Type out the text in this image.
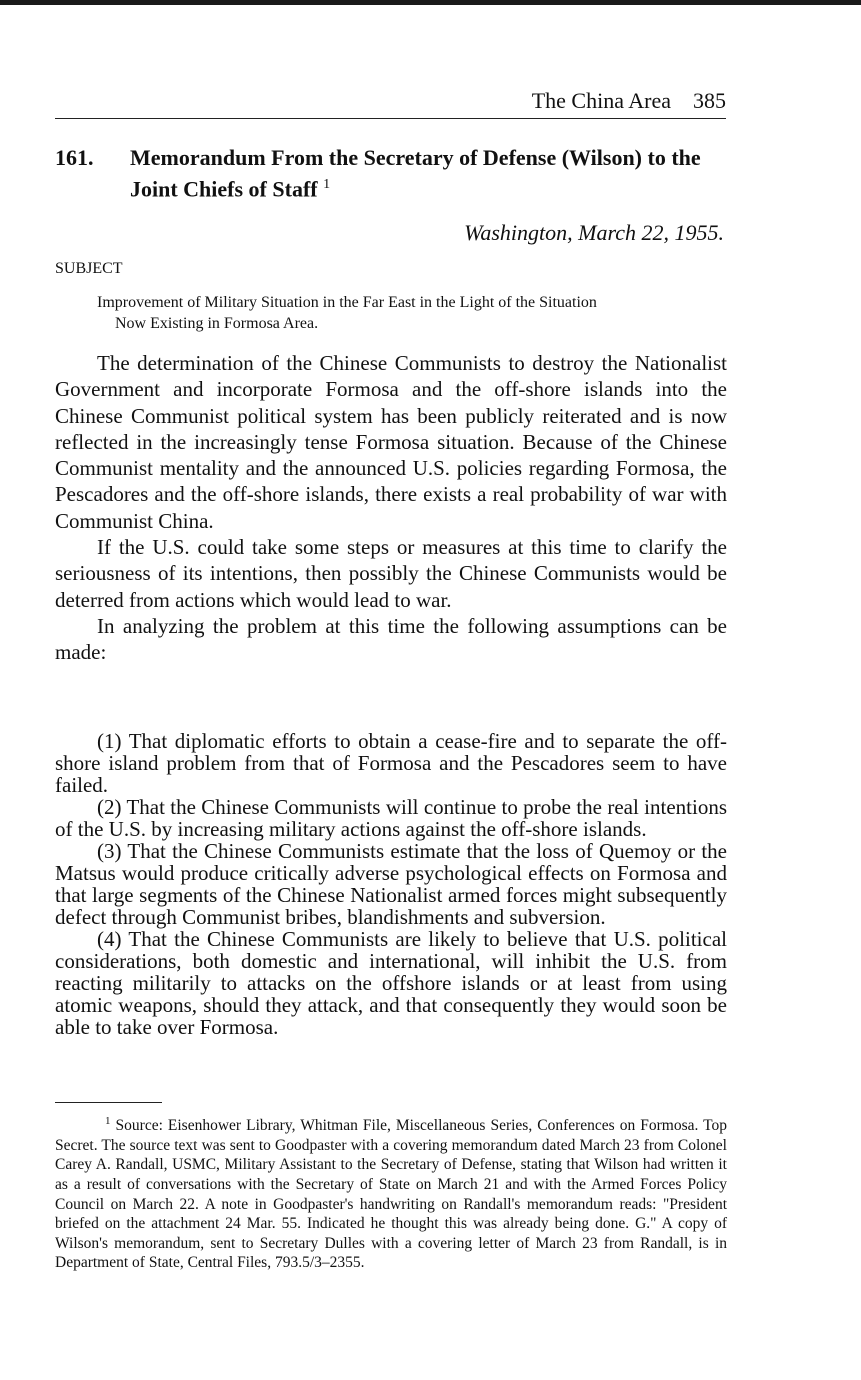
The China Area 385
161. Memorandum From the Secretary of Defense (Wilson) to the Joint Chiefs of Staff $^1$
Washington, March 22, 1955.
SUBJECT
Improvement of Military Situation in the Far East in the Light of the Situation
Now Existing in Formosa Area.

The determination of the Chinese Communists to destroy the Nationalist Government and incorporate Formosa and the off-shore islands into the Chinese Communist political system has been publicly reiterated and is now reflected in the increasingly tense Formosa situation. Because of the Chinese Communist mentality and the announced U.S. policies regarding Formosa, the Pescadores and the off-shore islands, there exists a real probability of war with Communist China.

If the U.S. could take some steps or measures at this time to clarify the seriousness of its intentions, then possibly the Chinese Communists would be deterred from actions which would lead to war.

In analyzing the problem at this time the following assumptions can be made:

(1) That diplomatic efforts to obtain a cease-fire and to separate the off-shore island problem from that of Formosa and the Pescadores seem to have failed.

(2) That the Chinese Communists will continue to probe the real intentions of the U.S. by increasing military actions against the off-shore islands.

(3) That the Chinese Communists estimate that the loss of Quemoy or the Matsus would produce critically adverse psychological effects on Formosa and that large segments of the Chinese Nationalist armed forces might subsequently defect through Communist bribes, blandishments and subversion.

(4) That the Chinese Communists are likely to believe that U.S. political considerations, both domestic and international, will inhibit the U.S. from reacting militarily to attacks on the offshore islands or at least from using atomic weapons, should they attack, and that consequently they would soon be able to take over Formosa.

$^1$ Source: Eisenhower Library, Whitman File, Miscellaneous Series, Conferences on Formosa. Top Secret. The source text was sent to Goodpaster with a covering memorandum dated March 23 from Colonel Carey A. Randall, USMC, Military Assistant to the Secretary of Defense, stating that Wilson had written it as a result of conversations with the Secretary of State on March 21 and with the Armed Forces Policy Council on March 22. A note in Goodpaster's handwriting on Randall's memorandum reads: "President briefed on the attachment 24 Mar. 55. Indicated he thought this was already being done. G." A copy of Wilson's memorandum, sent to Secretary Dulles with a covering letter of March 23 from Randall, is in Department of State, Central Files, 793.5/3–2355.
